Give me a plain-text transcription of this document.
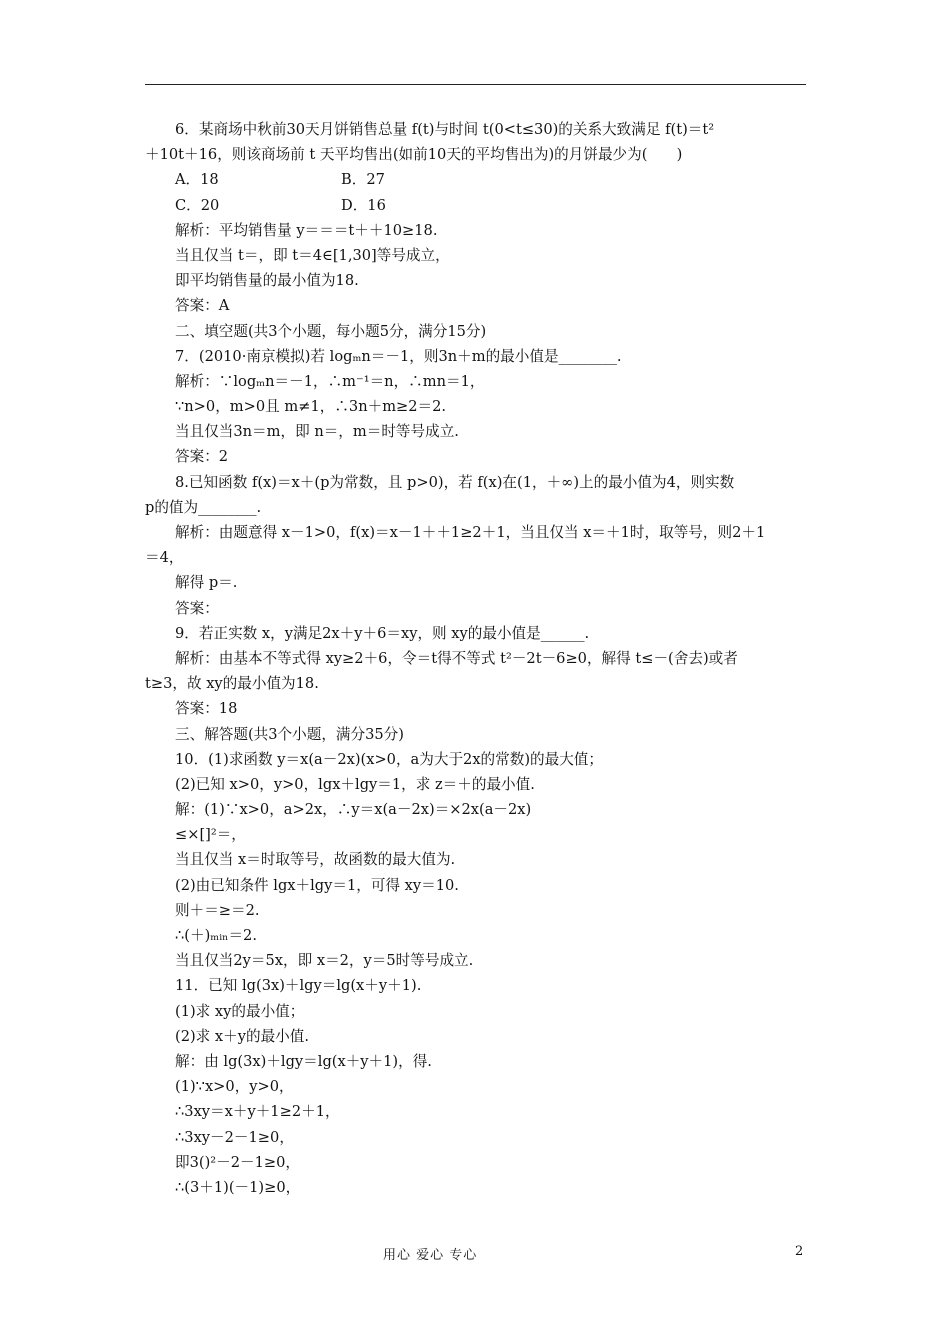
6．某商场中秋前30天月饼销售总量 f(t)与时间 t(0<t≤30)的关系大致满足 f(t)＝t²
＋10t＋16，则该商场前 t 天平均售出(如前10天的平均售出为)的月饼最少为(　　)
A．18	B．27
C．20	D．16
解析：平均销售量 y＝＝＝t＋＋10≥18.
当且仅当 t＝，即 t＝4∈[1,30]等号成立，
即平均销售量的最小值为18.
答案：A
二、填空题(共3个小题，每小题5分，满分15分)
7．(2010·南京模拟)若 logₘn＝－1，则3n＋m的最小值是________.
解析：∵logₘn＝－1，∴m⁻¹＝n，∴mn＝1，
∵n>0，m>0且 m≠1，∴3n＋m≥2＝2.
当且仅当3n＝m，即 n＝，m＝时等号成立.
答案：2
8.已知函数 f(x)＝x＋(p为常数，且 p>0)，若 f(x)在(1，＋∞)上的最小值为4，则实数
p的值为________.
解析：由题意得 x－1>0，f(x)＝x－1＋＋1≥2＋1，当且仅当 x＝＋1时，取等号，则2＋1
＝4，
解得 p＝.
答案：
9．若正实数 x，y满足2x＋y＋6＝xy，则 xy的最小值是______.
解析：由基本不等式得 xy≥2＋6，令＝t得不等式 t²－2t－6≥0，解得 t≤－(舍去)或者
t≥3，故 xy的最小值为18.
答案：18
三、解答题(共3个小题，满分35分)
10．(1)求函数 y＝x(a－2x)(x>0，a为大于2x的常数)的最大值；
(2)已知 x>0，y>0，lgx＋lgy＝1，求 z＝＋的最小值.
解：(1)∵x>0，a>2x，∴y＝x(a－2x)＝×2x(a－2x)
≤×[]²＝，
当且仅当 x＝时取等号，故函数的最大值为.
(2)由已知条件 lgx＋lgy＝1，可得 xy＝10.
则＋＝≥＝2.
∴(＋)ₘᵢₙ＝2.
当且仅当2y＝5x，即 x＝2，y＝5时等号成立.
11．已知 lg(3x)＋lgy＝lg(x＋y＋1).
(1)求 xy的最小值；
(2)求 x＋y的最小值.
解：由 lg(3x)＋lgy＝lg(x＋y＋1)，得.
(1)∵x>0，y>0，
∴3xy＝x＋y＋1≥2＋1，
∴3xy－2－1≥0，
即3()²－2－1≥0，
∴(3＋1)(－1)≥0，
用心 爱心 专心	2
